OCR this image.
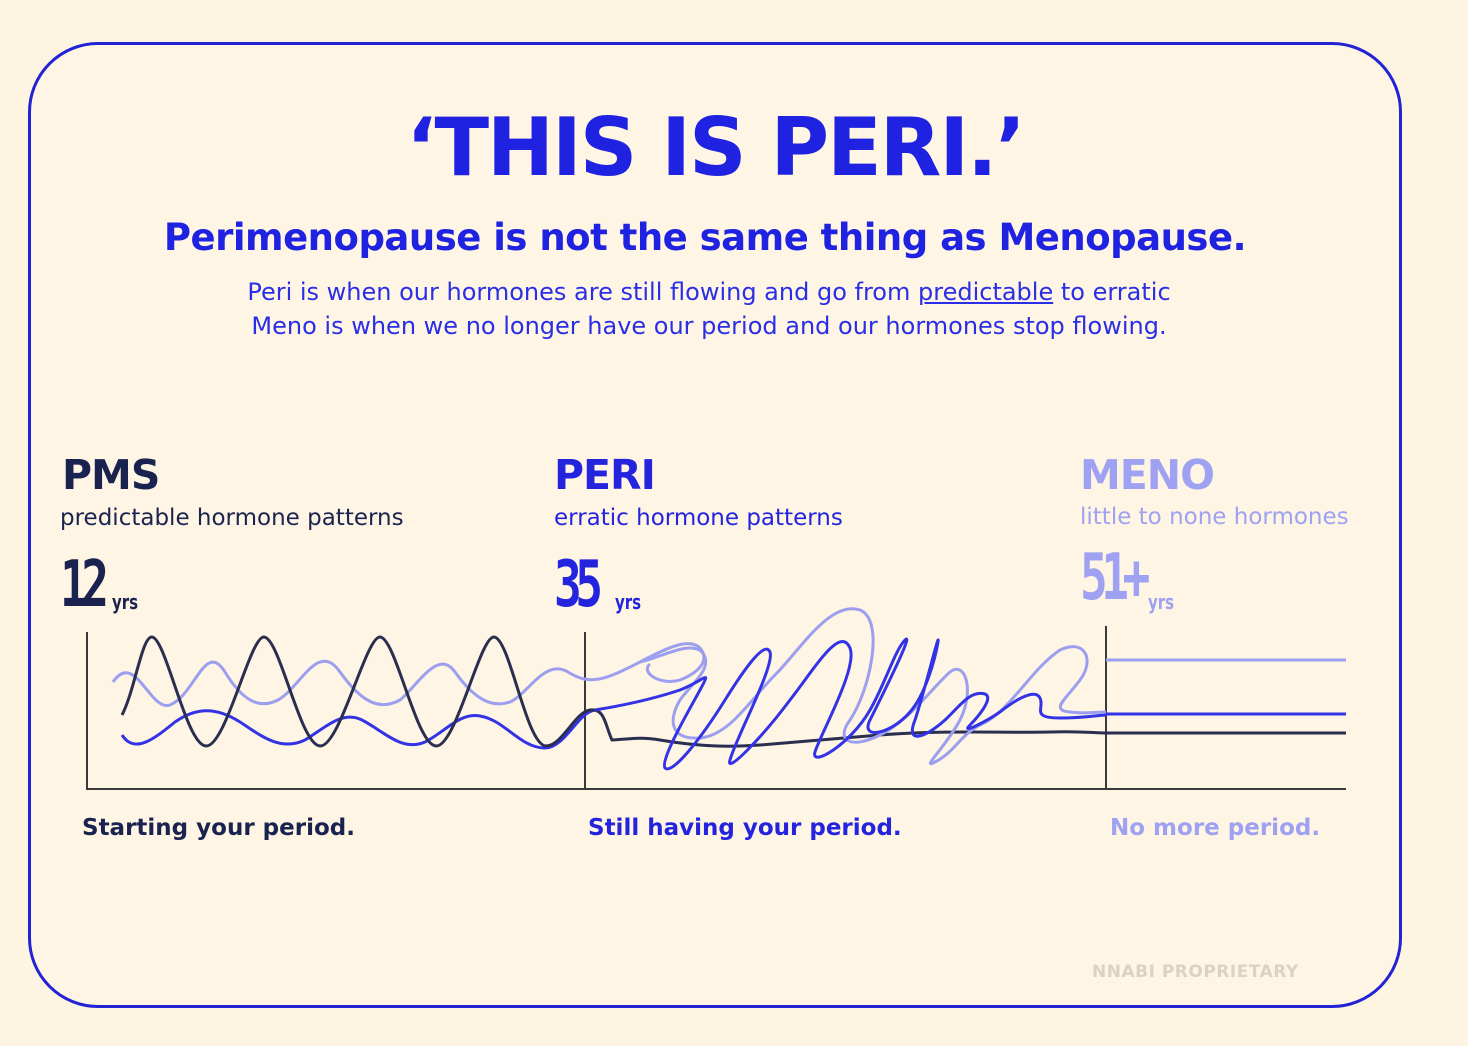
‘THIS IS PERI.’
Perimenopause is not the same thing as Menopause.
Peri is when our hormones are still flowing and go from predictable to erratic
Meno is when we no longer have our period and our hormones stop flowing.
PMS
predictable hormone patterns
12 yrs
PERI
erratic hormone patterns
35 yrs
MENO
little to none hormones
51+ yrs
Starting your period.	Still having your period.	No more period.
NNABI PROPRIETARY
